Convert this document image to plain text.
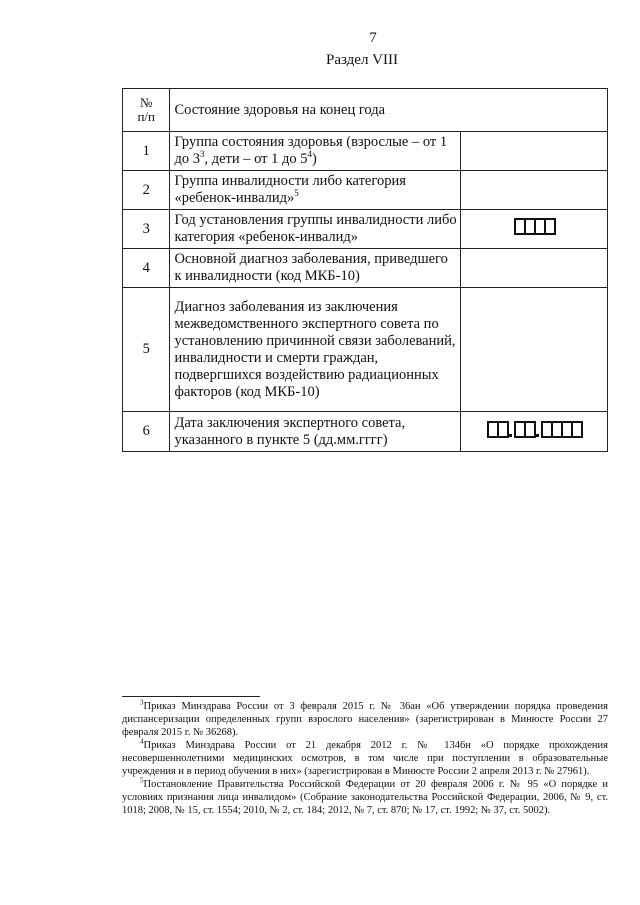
7
Раздел VIII
№
п/п	Состояние здоровья на конец года	
1	Группа состояния здоровья (взрослые – от 1 до $3^3$, дети – от 1 до $5^4$)	
2	Группа инвалидности либо категория «ребенок-инвалид»$^5$	
3	Год установления группы инвалидности либо категория «ребенок-инвалид»	

4	Основной диагноз заболевания, приведшего к инвалидности (код МКБ-10)	
5	Диагноз заболевания из заключения межведомственного экспертного совета по установлению причинной связи заболеваний, инвалидности и смерти граждан, подвергшихся воздействию радиационных факторов (код МКБ-10)	
6	Дата заключения экспертного совета, указанного в пункте 5 (дд.мм.гггг)	

$^3$Приказ Минздрава России от 3 февраля 2015 г. № 36ан «Об утверждении порядка проведения диспансеризации определенных групп взрослого населения» (зарегистрирован в Минюсте России 27 февраля 2015 г. № 36268).

$^4$Приказ Минздрава России от 21 декабря 2012 г. № 1346н «О порядке прохождения несовершеннолетними медицинских осмотров, в том числе при поступлении в образовательные учреждения и в период обучения в них» (зарегистрирован в Минюсте России 2 апреля 2013 г. № 27961).

$^5$Постановление Правительства Российской Федерации от 20 февраля 2006 г. № 95 «О порядке и условиях признания лица инвалидом» (Собрание законодательства Российской Федерации, 2006, № 9, ст. 1018; 2008, № 15, ст. 1554; 2010, № 2, ст. 184; 2012, № 7, ст. 870; № 17, ст. 1992; № 37, ст. 5002).
